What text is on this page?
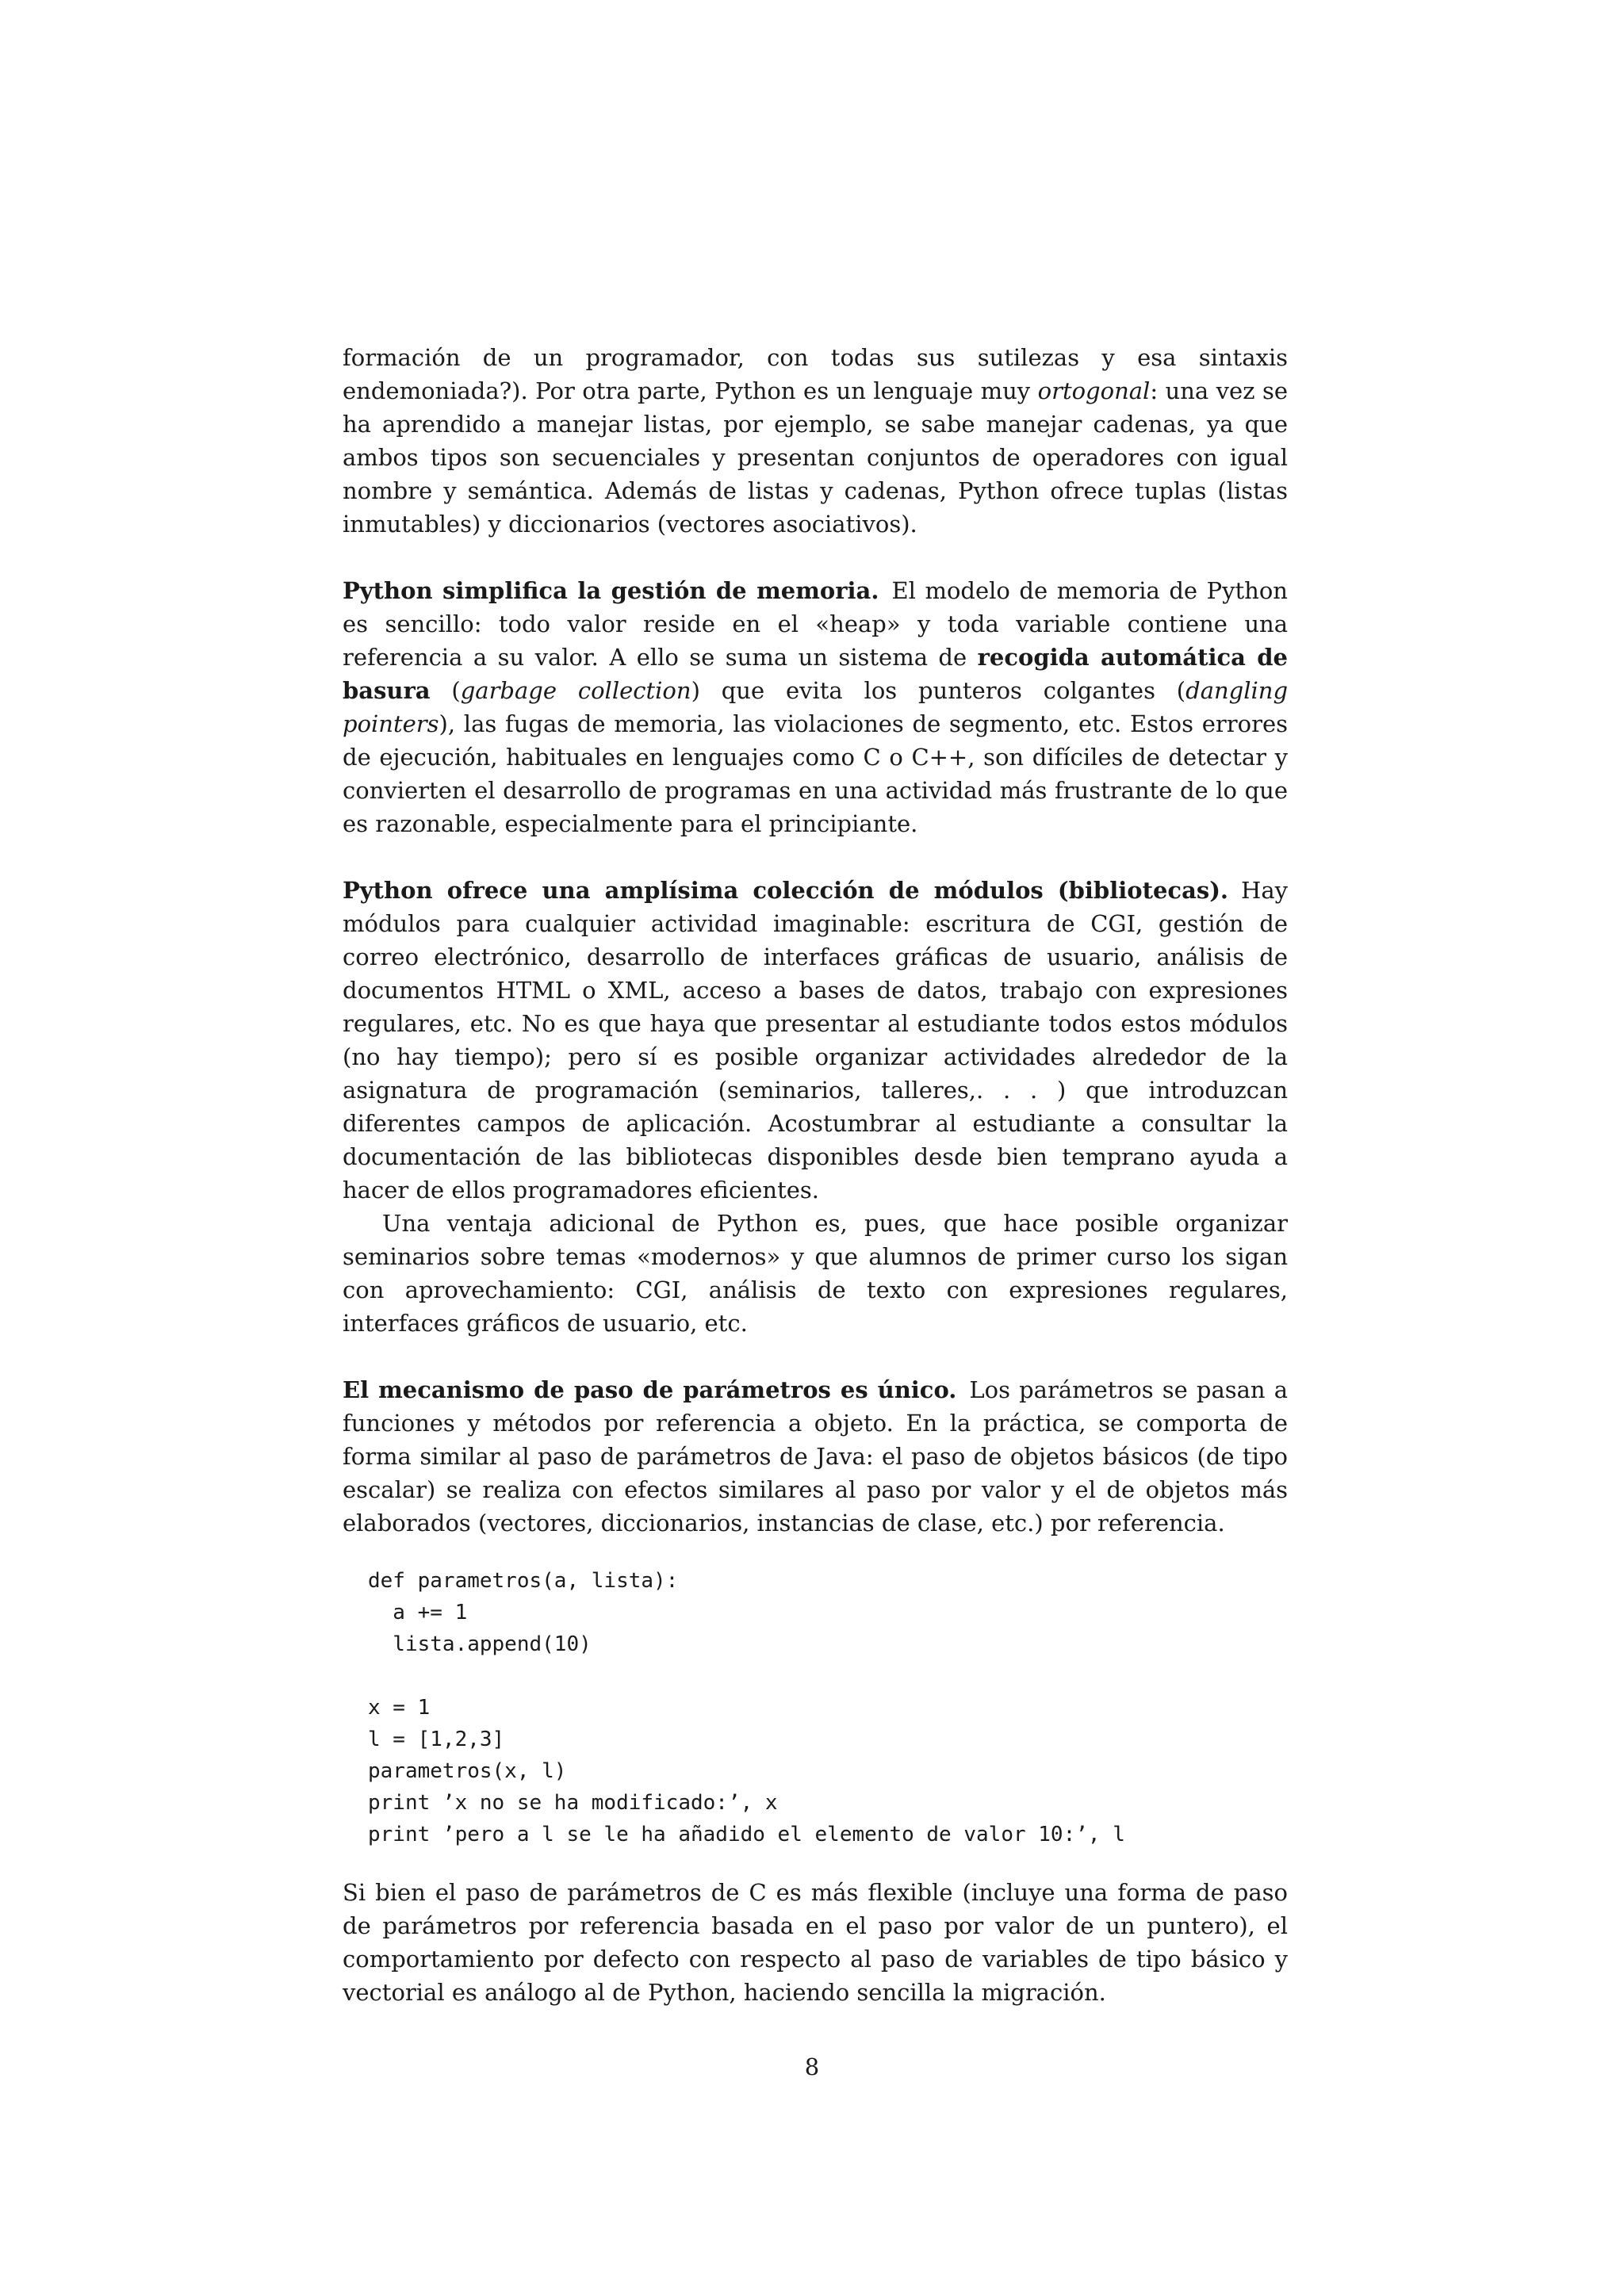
formación de un programador, con todas sus sutilezas y esa sintaxis endemoniada?). Por otra parte, Python es un lenguaje muy ortogonal: una vez se ha aprendido a manejar listas, por ejemplo, se sabe manejar cadenas, ya que ambos tipos son secuenciales y presentan conjuntos de operadores con igual nombre y semántica. Además de listas y cadenas, Python ofrece tuplas (listas inmutables) y diccionarios (vectores asociativos).

Python simplifica la gestión de memoria. El modelo de memoria de Python es sencillo: todo valor reside en el «heap» y toda variable contiene una referencia a su valor. A ello se suma un sistema de recogida automática de basura (garbage collection) que evita los punteros colgantes (dangling pointers), las fugas de memoria, las violaciones de segmento, etc. Estos errores de ejecución, habituales en lenguajes como C o C++, son difíciles de detectar y convierten el desarrollo de programas en una actividad más frustrante de lo que es razonable, especialmente para el principiante.

Python ofrece una amplísima colección de módulos (bibliotecas). Hay módulos para cualquier actividad imaginable: escritura de CGI, gestión de correo electrónico, desarrollo de interfaces gráficas de usuario, análisis de documentos HTML o XML, acceso a bases de datos, trabajo con expresiones regulares, etc. No es que haya que presentar al estudiante todos estos módulos (no hay tiempo); pero sí es posible organizar actividades alrededor de la asignatura de programación (seminarios, talleres,. . . ) que introduzcan diferentes campos de aplicación. Acostumbrar al estudiante a consultar la documentación de las bibliotecas disponibles desde bien temprano ayuda a hacer de ellos programadores eficientes.

Una ventaja adicional de Python es, pues, que hace posible organizar seminarios sobre temas «modernos» y que alumnos de primer curso los sigan con aprovechamiento: CGI, análisis de texto con expresiones regulares, interfaces gráficos de usuario, etc.

El mecanismo de paso de parámetros es único. Los parámetros se pasan a funciones y métodos por referencia a objeto. En la práctica, se comporta de forma similar al paso de parámetros de Java: el paso de objetos básicos (de tipo escalar) se realiza con efectos similares al paso por valor y el de objetos más elaborados (vectores, diccionarios, instancias de clase, etc.) por referencia.

def parametros(a, lista):
a += 1
lista.append(10)

x = 1
l = [1,2,3]
parametros(x, l)
print ’x no se ha modificado:’, x
print ’pero a l se le ha añadido el elemento de valor 10:’, l

Si bien el paso de parámetros de C es más flexible (incluye una forma de paso de parámetros por referencia basada en el paso por valor de un puntero), el comportamiento por defecto con respecto al paso de variables de tipo básico y vectorial es análogo al de Python, haciendo sencilla la migración.

8
